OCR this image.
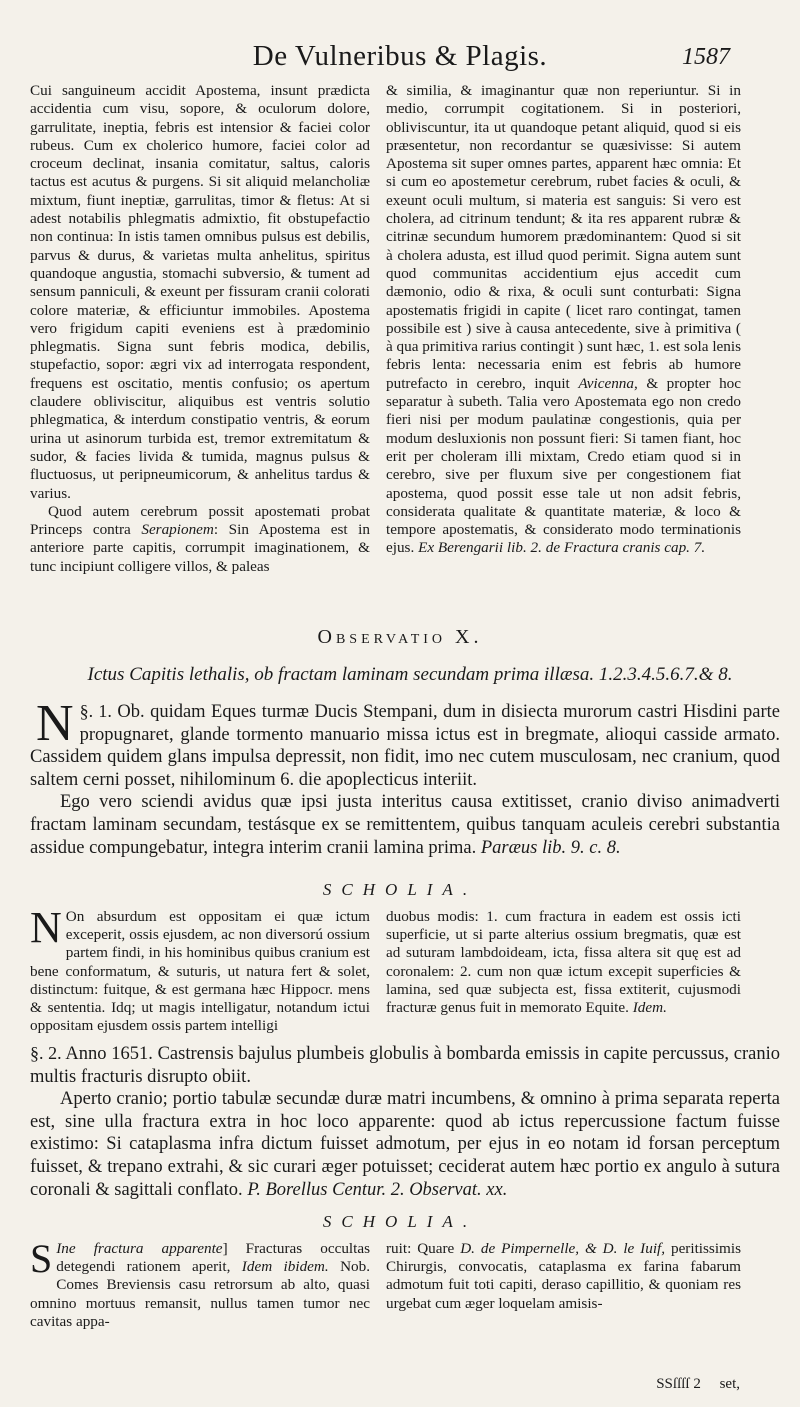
De Vulneribus & Plagis.	1587

Cui sanguineum accidit Apostema, insunt prædicta accidentia cum visu, sopore, & oculorum dolore, garrulitate, ineptia, febris est intensior & faciei color rubeus. Cum ex cholerico humore, faciei color ad croceum declinat, insania comitatur, saltus, caloris tactus est acutus & purgens. Si sit aliquid melancholiæ mixtum, fiunt ineptiæ, garrulitas, timor & fletus: At si adest notabilis phlegmatis admixtio, fit obstupefactio non continua: In istis tamen omnibus pulsus est debilis, parvus & durus, & varietas multa anhelitus, spiritus quandoque angustia, stomachi subversio, & tument ad sensum panniculi, & exeunt per fissuram cranii colorati colore materiæ, & efficiuntur immobiles. Apostema vero frigidum capiti eveniens est à prædominio phlegmatis. Signa sunt febris modica, debilis, stupefactio, sopor: ægri vix ad interrogata respondent, frequens est oscitatio, mentis confusio; os apertum claudere obliviscitur, aliquibus est ventris solutio phlegmatica, & interdum constipatio ventris, & eorum urina ut asinorum turbida est, tremor extremitatum & sudor, & facies livida & tumida, magnus pulsus & fluctuosus, ut peripneumicorum, & anhelitus tardus & varius.

Quod autem cerebrum possit apostemati probat Princeps contra Serapionem: Sin Apostema est in anteriore parte capitis, corrumpit imaginationem, & tunc incipiunt colligere villos, & paleas

& similia, & imaginantur quæ non reperiuntur. Si in medio, corrumpit cogitationem. Si in posteriori, obliviscuntur, ita ut quandoque petant aliquid, quod si eis præsentetur, non recordantur se quæsivisse: Si autem Apostema sit super omnes partes, apparent hæc omnia: Et si cum eo apostemetur cerebrum, rubet facies & oculi, & exeunt oculi multum, si materia est sanguis: Si vero est cholera, ad citrinum tendunt; & ita res apparent rubræ & citrinæ secundum humorem prædominantem: Quod si sit à cholera adusta, est illud quod perimit. Signa autem sunt quod communitas accidentium ejus accedit cum dæmonio, odio & rixa, & oculi sunt conturbati: Signa apostematis frigidi in capite ( licet raro contingat, tamen possibile est ) sive à causa antecedente, sive à primitiva ( à qua primitiva rarius contingit ) sunt hæc, 1. est sola lenis febris lenta: necessaria enim est febris ab humore putrefacto in cerebro, inquit Avicenna, & propter hoc separatur à subeth. Talia vero Apostemata ego non credo fieri nisi per modum paulatinæ congestionis, quia per modum desluxionis non possunt fieri: Si tamen fiant, hoc erit per choleram illi mixtam, Credo etiam quod si in cerebro, sive per fluxum sive per congestionem fiat apostema, quod possit esse tale ut non adsit febris, considerata qualitate & quantitate materiæ, & loco & tempore apostematis, & considerato modo terminationis ejus. Ex Berengarii lib. 2. de Fractura cranis cap. 7.

Observatio X.
Ictus Capitis lethalis, ob fractam laminam secundam prima illæsa. 1.2.3.4.5.6.7.& 8.

§. 1.
N Ob. quidam Eques turmæ Ducis Stempani, dum in disiecta murorum castri Hisdini parte propugnaret, glande tormento manuario missa ictus est in bregmate, alioqui casside armato. Cassidem quidem glans impulsa depressit, non fidit, imo nec cutem musculosam, nec cranium, quod saltem cerni posset, nihilominum 6. die apoplecticus interiit.

Ego vero sciendi avidus quæ ipsi justa interitus causa extitisset, cranio diviso animadverti fractam laminam secundam, testásque ex se remittentem, quibus tanquam aculeis cerebri substantia assidue compungebatur, integra interim cranii lamina prima. Paræus lib. 9. c. 8.

SCHOLIA.

N On absurdum est oppositam ei quæ ictum exceperit, ossis ejusdem, ac non diversorú ossium partem findi, in his hominibus quibus cranium est bene conformatum, & suturis, ut natura fert & solet, distinctum: fuitque, & est germana hæc Hippocr. mens & sententia. Idq; ut magis intelligatur, notandum ictui oppositam ejusdem ossis partem intelligi

duobus modis: 1. cum fractura in eadem est ossis icti superficie, ut si parte alterius ossium bregmatis, quæ est ad suturam lambdoideam, icta, fissa altera sit quę est ad coronalem: 2. cum non quæ ictum excepit superficies & lamina, sed quæ subjecta est, fissa extiterit, cujusmodi fracturæ genus fuit in memorato Equite. Idem.

§. 2. Anno 1651. Castrensis bajulus plumbeis globulis à bombarda emissis in capite percussus, cranio multis fracturis disrupto obiit.

Aperto cranio; portio tabulæ secundæ duræ matri incumbens, & omnino à prima separata reperta est, sine ulla fractura extra in hoc loco apparente: quod ab ictus repercussione factum fuisse existimo: Si cataplasma infra dictum fuisset admotum, per ejus in eo notam id forsan perceptum fuisset, & trepano extrahi, & sic curari æger potuisset; ceciderat autem hæc portio ex angulo à sutura coronali & sagittali conflato. P. Borellus Centur. 2. Observat. xx.

SCHOLIA.

S Ine fractura apparente] Fracturas occultas detegendi rationem aperit, Idem ibidem. Nob. Comes Breviensis casu retrorsum ab alto, quasi omnino mortuus remansit, nullus tamen tumor nec cavitas appa-

ruit: Quare D. de Pimpernelle, & D. le Iuif, peritissimis Chirurgis, convocatis, cataplasma ex farina fabarum admotum fuit toti capiti, deraso capillitio, & quoniam res urgebat cum æger loquelam amisis-

SSſſſſ 2 set,
